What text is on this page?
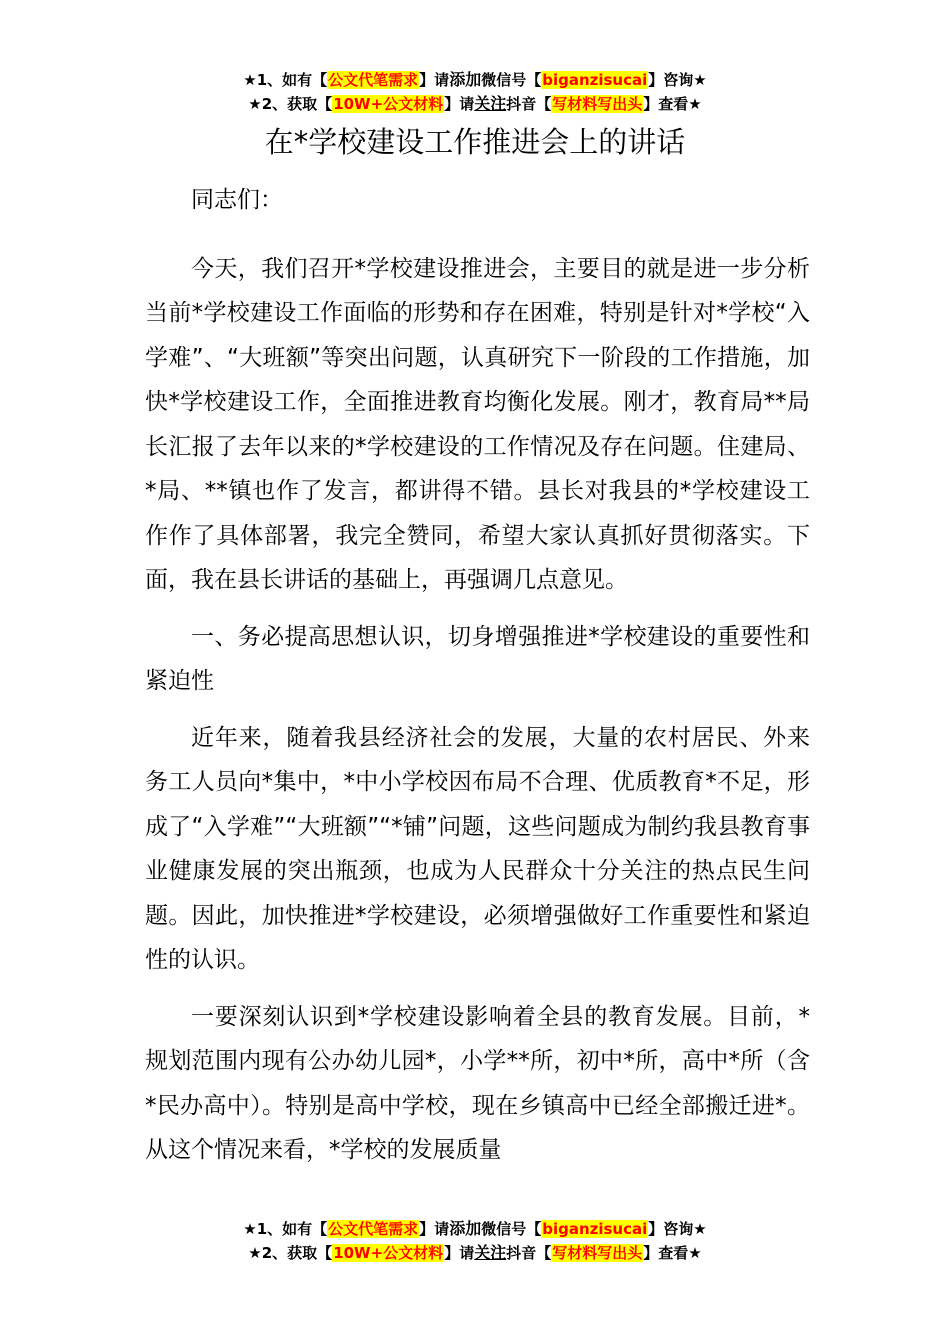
★1、如有【公文代笔需求】请添加微信号【biganzisucai】咨询★
★2、获取【10W+公文材料】请关注抖音【写材料写出头】查看★
在*学校建设工作推进会上的讲话

同志们：

今天，我们召开*学校建设推进会，主要目的就是进一步分析当前*学校建设工作面临的形势和存在困难，特别是针对*学校“入学难”、“大班额”等突出问题，认真研究下一阶段的工作措施，加快*学校建设工作，全面推进教育均衡化发展。刚才，教育局**局长汇报了去年以来的*学校建设的工作情况及存在问题。住建局、*局、**镇也作了发言，都讲得不错。县长对我县的*学校建设工作作了具体部署，我完全赞同，希望大家认真抓好贯彻落实。下面，我在县长讲话的基础上，再强调几点意见。

一、务必提高思想认识，切身增强推进*学校建设的重要性和紧迫性

近年来，随着我县经济社会的发展，大量的农村居民、外来务工人员向*集中，*中小学校因布局不合理、优质教育*不足，形成了“入学难”“大班额”“*铺”问题，这些问题成为制约我县教育事业健康发展的突出瓶颈，也成为人民群众十分关注的热点民生问题。因此，加快推进*学校建设，必须增强做好工作重要性和紧迫性的认识。

一要深刻认识到*学校建设影响着全县的教育发展。目前，*规划范围内现有公办幼儿园*，小学**所，初中*所，高中*所（含*民办高中）。特别是高中学校，现在乡镇高中已经全部搬迁进*。从这个情况来看，*学校的发展质量

★1、如有【公文代笔需求】请添加微信号【biganzisucai】咨询★
★2、获取【10W+公文材料】请关注抖音【写材料写出头】查看★
